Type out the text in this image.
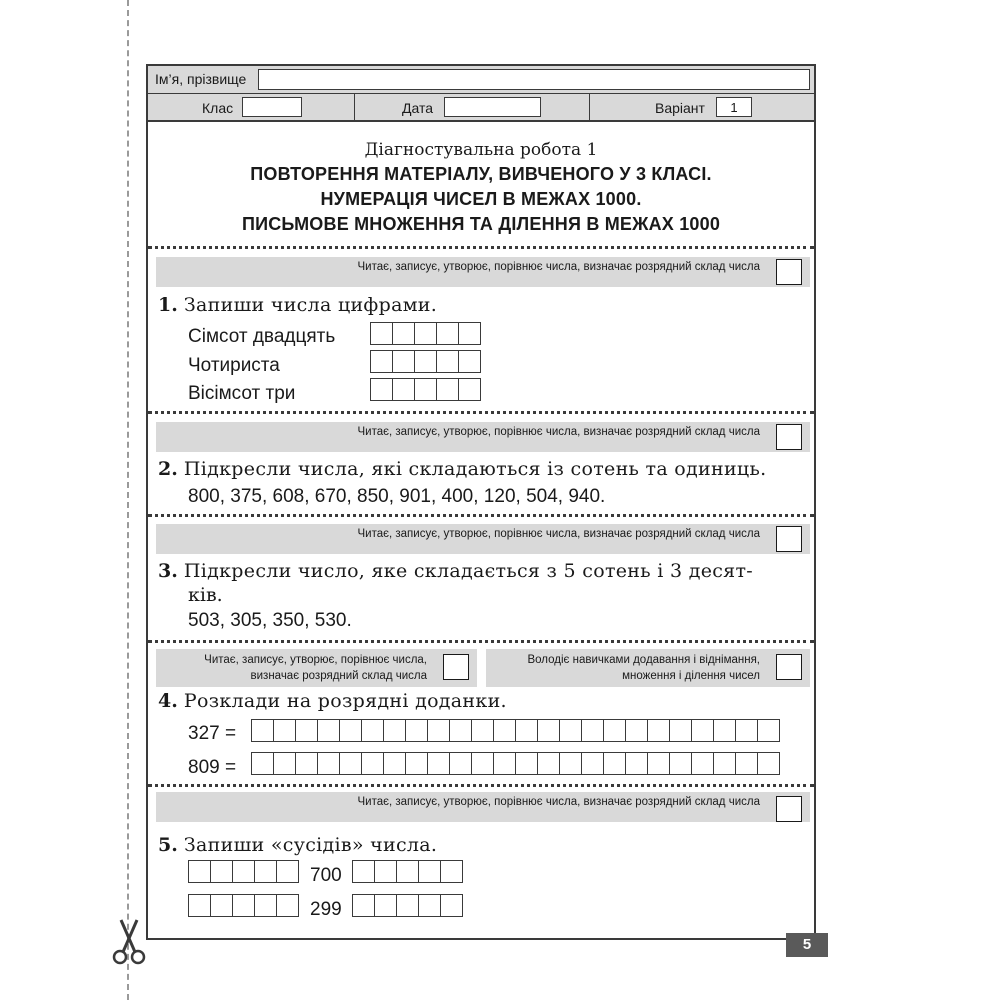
Ім’я, прізвище
Клас	Дата	Варіант	1
Діагностувальна робота 1
ПОВТОРЕННЯ МАТЕРІАЛУ, ВИВЧЕНОГО У 3 КЛАСІ.
НУМЕРАЦІЯ ЧИСЕЛ В МЕЖАХ 1000.
ПИСЬМОВЕ МНОЖЕННЯ ТА ДІЛЕННЯ В МЕЖАХ 1000
Читає, записує, утворює, порівнює числа, визначає розрядний склад числа
1. Запиши числа цифрами.
Сімсот двадцять
Чотириста
Вісімсот три
Читає, записує, утворює, порівнює числа, визначає розрядний склад числа
2. Підкресли числа, які складаються із сотень та одиниць.
800, 375, 608, 670, 850, 901, 400, 120, 504, 940.
Читає, записує, утворює, порівнює числа, визначає розрядний склад числа
3. Підкресли число, яке складається з 5 сотень і 3 десят-
ків.
503, 305, 350, 530.
Читає, записує, утворює, порівнює числа,
визначає розрядний склад числа
Володіє навичками додавання і віднімання,
множення і ділення чисел
4. Розклади на розрядні доданки.
327 =
809 =
Читає, записує, утворює, порівнює числа, визначає розрядний склад числа
5. Запиши «сусідів» числа.
700
299
5
